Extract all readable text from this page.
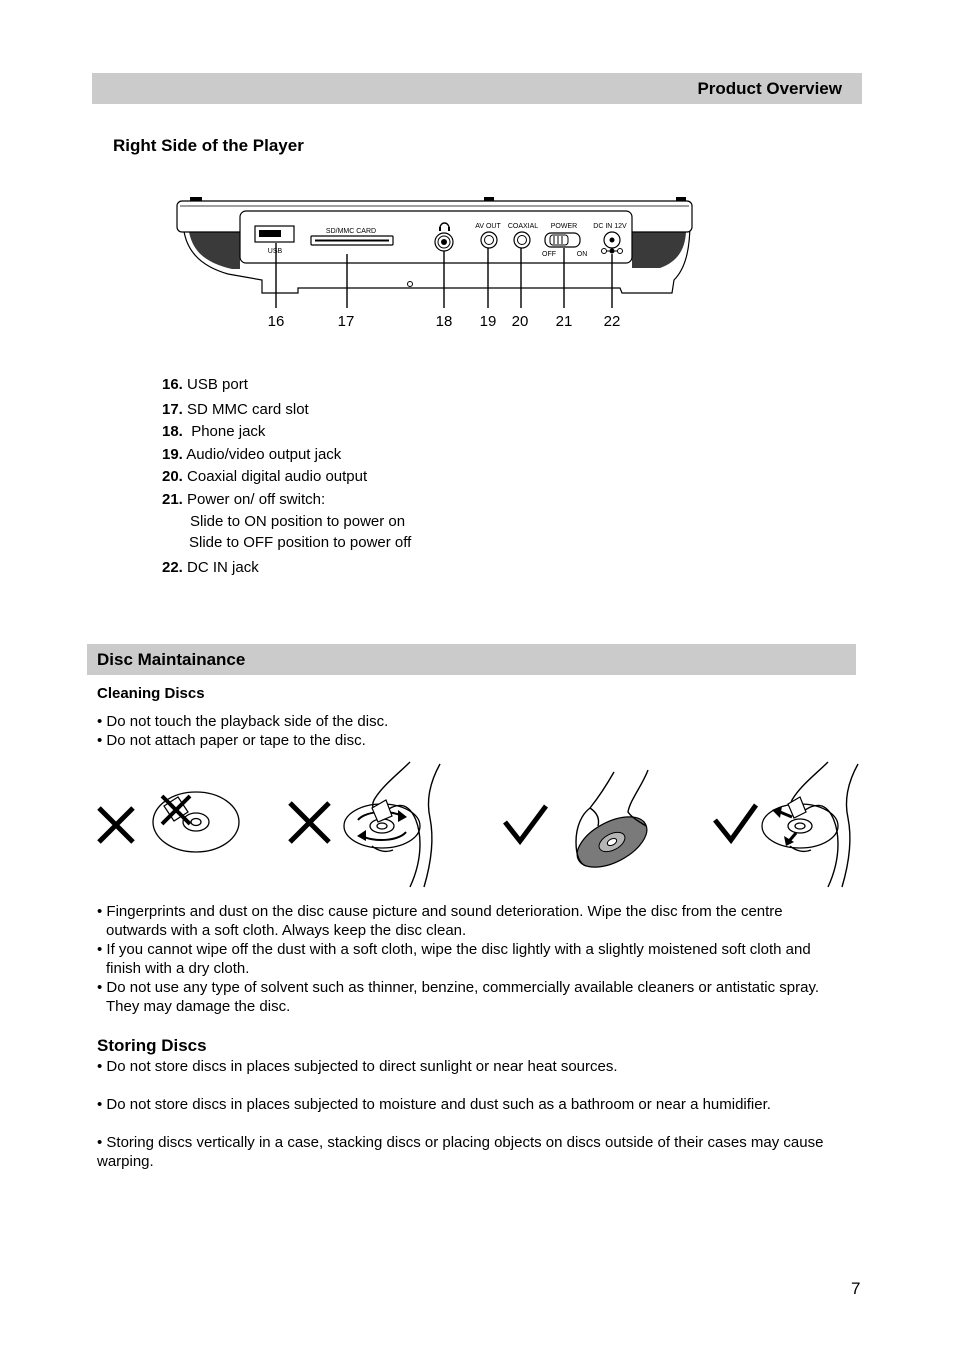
Product Overview
Right Side of the Player
USB
SD/MMC CARD
AV OUT COAXIAL POWER
OFF	ON
DC IN 12V
16	17	18 19 20 21 22
16. USB port
17. SD MMC card slot
18. Phone jack
19. Audio/video output jack
20. Coaxial digital audio output
21. Power on/ off switch:
Slide to ON position to power on
Slide to OFF position to power off
22. DC IN jack
Disc Maintainance
Cleaning Discs
• Do not touch the playback side of the disc.
• Do not attach paper or tape to the disc.
• Fingerprints and dust on the disc cause picture and sound deterioration. Wipe the disc from the centre
outwards with a soft cloth. Always keep the disc clean.
• If you cannot wipe off the dust with a soft cloth, wipe the disc lightly with a slightly moistened soft cloth and
finish with a dry cloth.
• Do not use any type of solvent such as thinner, benzine, commercially available cleaners or antistatic spray.
They may damage the disc.
Storing Discs
• Do not store discs in places subjected to direct sunlight or near heat sources.
• Do not store discs in places subjected to moisture and dust such as a bathroom or near a humidifier.
• Storing discs vertically in a case, stacking discs or placing objects on discs outside of their cases may cause
warping.
7
